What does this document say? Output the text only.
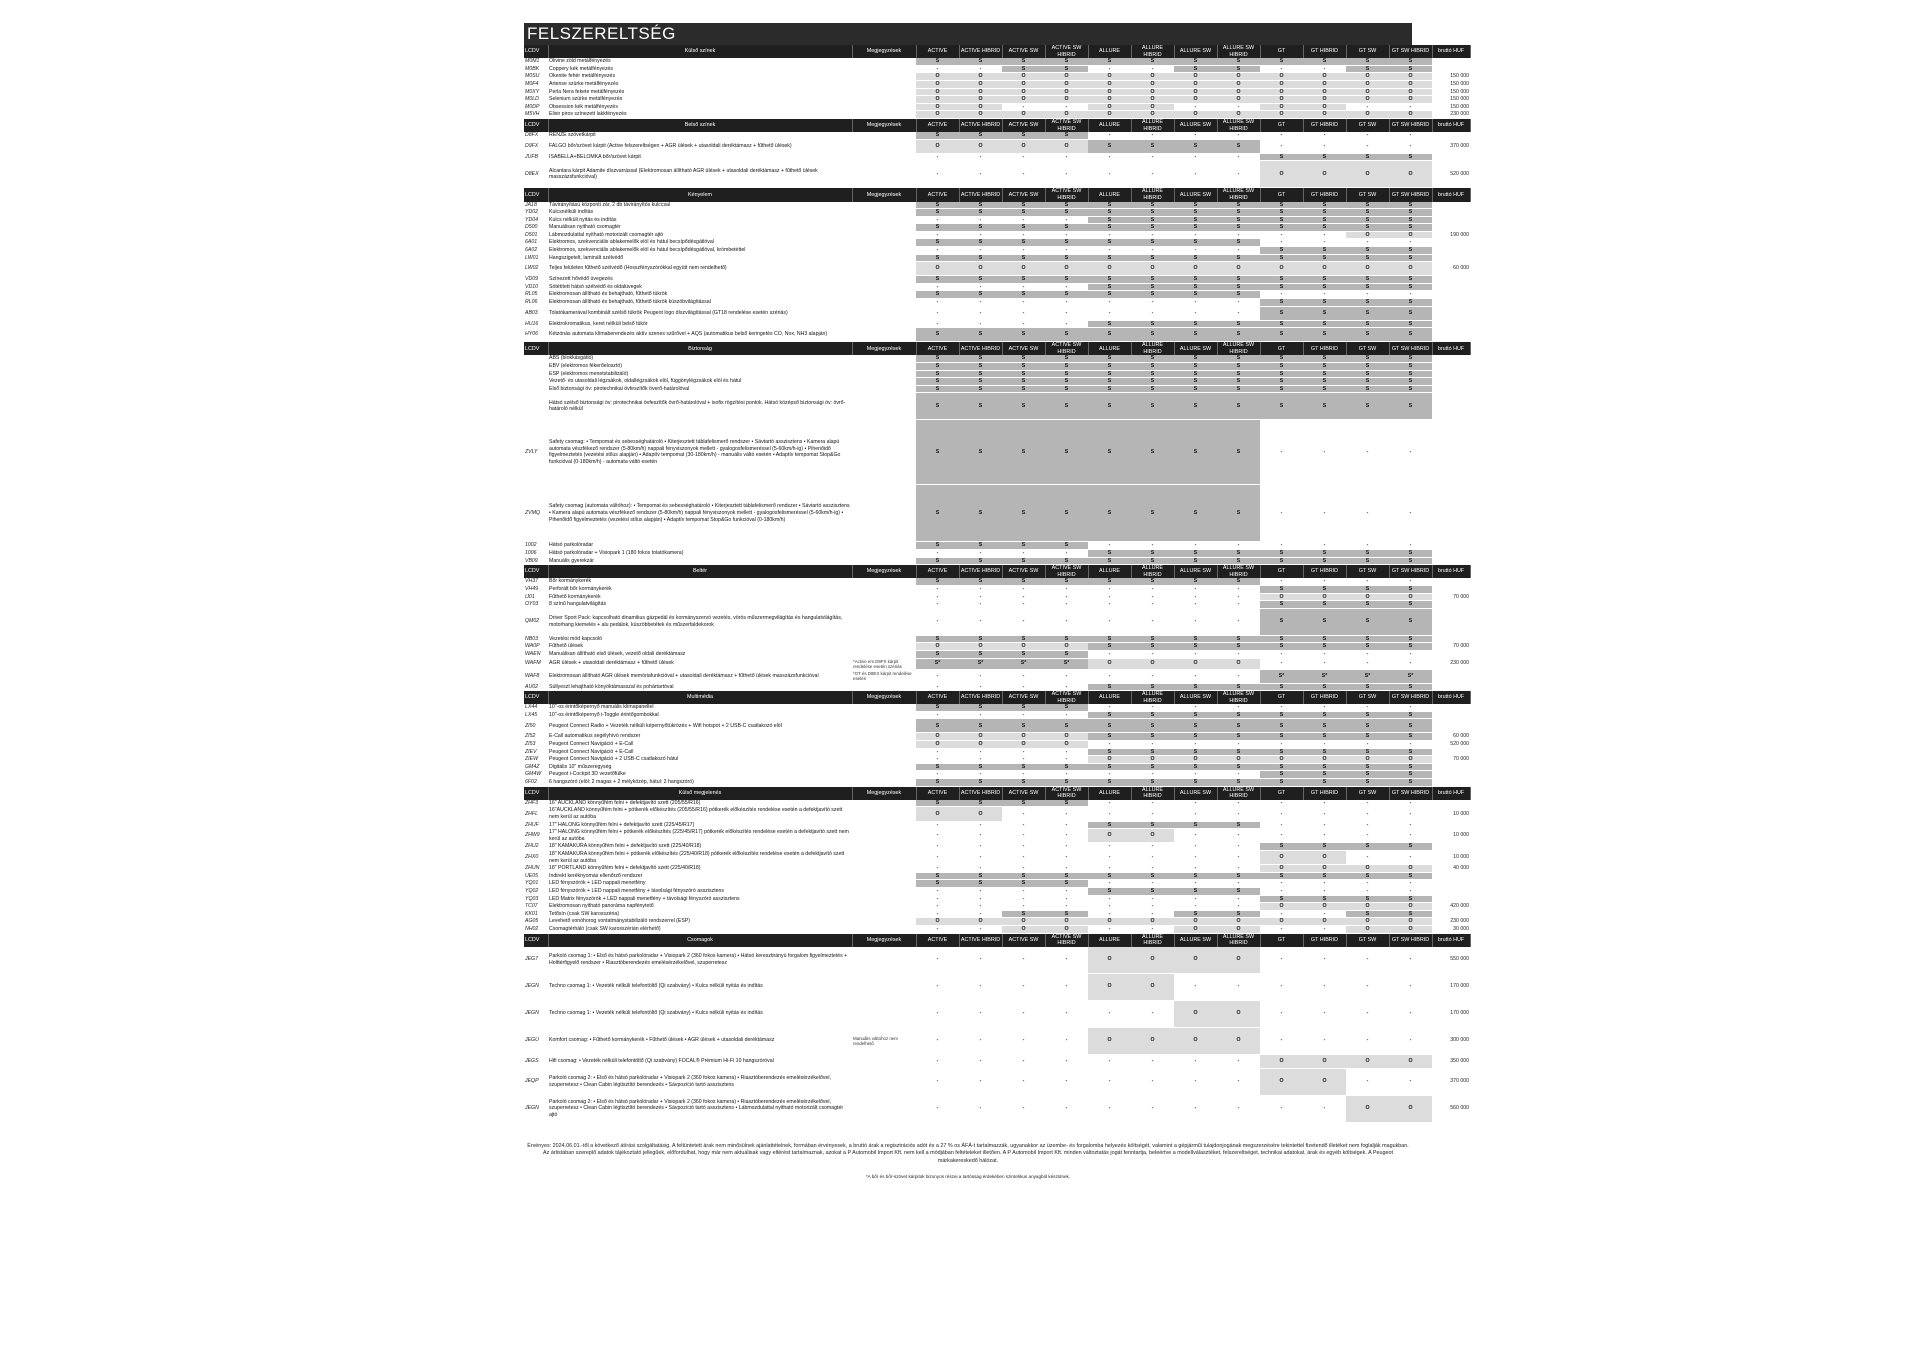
FELSZERELTSÉG
LCDV	Külső színek	Megjegyzések	ACTIVE	ACTIVE HIBRID	ACTIVE SW	ACTIVE SW HIBRID	ALLURE	ALLURE HIBRID	ALLURE SW	ALLURE SW HIBRID	GT	GT HIBRID	GT SW	GT SW HIBRID	bruttó HUF
M0M1	Olivine zöld metálfényezés		S	S	S	S	S	S	S	S	S	S	S	S	
M0BK	Coppery kék metálfényezés		-	-	S	S	-	-	S	S	-	-	S	S	
M0SU	Okenite fehér metálfényezés		O	O	O	O	O	O	O	O	O	O	O	O	150 000
M0F4	Artense szürke metálfényezés		O	O	O	O	O	O	O	O	O	O	O	O	150 000
M0XY	Perla Nera fekete metálfényezés		O	O	O	O	O	O	O	O	O	O	O	O	150 000
M0LD	Selenium szürke metálfényezés		O	O	O	O	O	O	O	O	O	O	O	O	150 000
M0DP	Obsession kék metálfényezés		O	O	-	-	O	O	-	-	O	O	-	-	150 000
M5VH	Elixir piros színezett lakkfényezés		O	O	O	O	O	O	O	O	O	O	O	O	230 000
LCDV	Belső színek	Megjegyzések	ACTIVE	ACTIVE HIBRID	ACTIVE SW	ACTIVE SW HIBRID	ALLURE	ALLURE HIBRID	ALLURE SW	ALLURE SW HIBRID	GT	GT HIBRID	GT SW	GT SW HIBRID	bruttó HUF
D8FX	RENZE szövetkárpit		S	S	S	S	-	-	-	-	-	-	-	-	
D9FX	FALGO bőr/szövet kárpit (Active felszereltségen + AGR ülések + utasoldali deréktámasz + fűthető ülések)		O	O	O	O	S	S	S	S	-	-	-	-	370 000
JUFB	ISABELLA+BELOMKA bőr/szövet kárpit		-	-	-	-	-	-	-	-	S	S	S	S	
D8EX	Alcantara kárpit Adamite díszvarrással (Elektromosan állítható AGR ülések + utasoldali deréktámasz + fűthető ülések masszázsfunkcióval)		-	-	-	-	-	-	-	-	O	O	O	O	520 000
LCDV	Kényelem	Megjegyzések	ACTIVE	ACTIVE HIBRID	ACTIVE SW	ACTIVE SW HIBRID	ALLURE	ALLURE HIBRID	ALLURE SW	ALLURE SW HIBRID	GT	GT HIBRID	GT SW	GT SW HIBRID	bruttó HUF
JA18	Távirányítású központi zár, 2 db távirányítós kulccsal		S	S	S	S	S	S	S	S	S	S	S	S	
YD02	Kulcsnélküli indítás		S	S	S	S	S	S	S	S	S	S	S	S	
YD04	Kulcs nélküli nyitás és indítás		-	-	-	-	S	S	S	S	S	S	S	S	
D500	Manuálisan nyitható csomagtér		S	S	S	S	S	S	S	S	S	S	S	S	
D501	Lábmozdulattal nyitható motorizált csomagtér ajtó		-	-	-	-	-	-	-	-	-	-	O	O	190 000
6A01	Elektromos, szekvenciális ablakemelők elöl és hátul becsípődésgátlóval		S	S	S	S	S	S	S	S	-	-	-	-	
6A02	Elektromos, szekvenciális ablakemelők elöl és hátul becsípődésgátlóval, krómbetéttel		-	-	-	-	-	-	-	-	S	S	S	S	
LW01	Hangszigetelt, laminált szélvédő		S	S	S	S	S	S	S	S	S	S	S	S	
LW02	Teljes felületen fűthető szélvédő (Hosszfényszórókkal együtt nem rendelhető)		O	O	O	O	O	O	O	O	O	O	O	O	60 000
VD09	Színezett hővédő üvegezés		S	S	S	S	S	S	S	S	S	S	S	S	
VD10	Sötétített hátsó szélvédő és oldalüvegek		-	-	-	-	S	S	S	S	S	S	S	S	
RL05	Elektromosan állítható és behajtható, fűthető tükrök		S	S	S	S	S	S	S	S	-	-	-	-	
RL06	Elektromosan állítható és behajtható, fűthető tükrök küszöbvilágítással		-	-	-	-	-	-	-	-	S	S	S	S	
AB03	Tolatókamerával kombinált szélső tükrök Peugeot logo díszvilágítással (GT18 rendelése esetén szériás)		-	-	-	-	-	-	-	-	S	S	S	S	
HU16	Elektrokromatikus, keret nélküli belső tükör		-	-	-	-	S	S	S	S	S	S	S	S	
HY06	Kétzónás automata klímaberendezés aktív szenes szűrővel + AQS (automatikus belső keringetés CO, Nox, NH3 alapján)		S	S	S	S	S	S	S	S	S	S	S	S	
LCDV	Biztonság	Megjegyzések	ACTIVE	ACTIVE HIBRID	ACTIVE SW	ACTIVE SW HIBRID	ALLURE	ALLURE HIBRID	ALLURE SW	ALLURE SW HIBRID	GT	GT HIBRID	GT SW	GT SW HIBRID	bruttó HUF
	ABS (blokkásgátló)		S	S	S	S	S	S	S	S	S	S	S	S	
	EBV (elektromos fékerőelosztó)		S	S	S	S	S	S	S	S	S	S	S	S	
	ESP (elektromos menetstabilizáló)		S	S	S	S	S	S	S	S	S	S	S	S	
	Vezető- és utasoldali légzsákok, oldallégzsákok elöl, függönylégzsákok elöl és hátul		S	S	S	S	S	S	S	S	S	S	S	S	
	Első biztonsági öv: pirotechnikai övfeszítők överő-határolóval		S	S	S	S	S	S	S	S	S	S	S	S	
	Hátsó szélső biztonsági öv: pirotechnikai övfeszítők övrő-határolóval + isofix rögzítési pontok. Hátsó középső biztonsági öv: övrő-határoló nélkül		S	S	S	S	S	S	S	S	S	S	S	S	
ZVLY	Safety csomag: • Tempomat és sebességhatároló • Kiterjesztett táblafelismerő rendszer • Sávtartó asszisztens • Kamera alapú automata vészfékező rendszer (5-80km/h) nappali fényviszonyok mellett - gyalogosfelismeréssel (5-60km/h-ig) • Pihenőidő figyelmeztetés (vezetési stílus alapján) • Adaptív tempomat (30-180km/h) - manuális váltó esetén • Adaptív tempomat Stop&Go funkcióval (0-180km/h) - automata váltó esetén		S	S	S	S	S	S	S	S	-	-	-	-	
ZVMQ	Safety csomag (automata váltóhoz): • Tempomat és sebességhatároló • Kiterjesztett táblafelismerő rendszer • Sávtartó asszisztens • Kamera alapú automata vészfékező rendszer (5-80km/h) nappali fényviszonyok mellett - gyalogosfelismeréssel (5-60km/h-ig) • Pihenőidő figyelmeztetés (vezetési stílus alapján) • Adaptív tempomat Stop&Go funkcióval (0-180km/h)		S	S	S	S	S	S	S	S	-	-	-	-	
1002	Hátsó parkolóradar		S	S	S	S	-	-	-	-	-	-	-	-	
1006	Hátsó parkolóradar + Visiopark 1 (180 fokos tolatókamera)		-	-	-	-	S	S	S	S	S	S	S	S	
VB09	Manuális gyerekzár		S	S	S	S	S	S	S	S	S	S	S	S	
LCDV	Beltér	Megjegyzések	ACTIVE	ACTIVE HIBRID	ACTIVE SW	ACTIVE SW HIBRID	ALLURE	ALLURE HIBRID	ALLURE SW	ALLURE SW HIBRID	GT	GT HIBRID	GT SW	GT SW HIBRID	bruttó HUF
VH37	Bőr kormánykerék		S	S	S	S	S	S	S	S	-	-	-	-	
VH49	Perforált bőr kormánykerék		-	-	-	-	-	-	-	-	S	S	S	S	
IJ01	Fűthető kormánykerék		-	-	-	-	-	-	-	-	O	O	O	O	70 000
OY03	8 színű hangulatvilágítás		-	-	-	-	-	-	-	-	S	S	S	S	
QM02	Driver Sport Pack: kapcsolható dinamikus gázpedál és kormányszervó vezetés, vörös műszermegvilágítás és hangulatvilágítás, motorhang kiemelés + alu pedálok, küszöbbetétek és műszerfaldekorok		-	-	-	-	-	-	-	-	S	S	S	S	
NB03	Vezetési mód kapcsoló		S	S	S	S	S	S	S	S	S	S	S	S	
WA0P	Fűthető ülések		O	O	O	O	S	S	S	S	S	S	S	S	70 000
WAEN	Manuálisan állítható első ülések, vezető oldali deréktámasz		S	S	S	S	-	-	-	-	-	-	-	-	
WAFM	AGR ülések + utasoldali deréktámasz + fűthető ülések	*Active em D9FX kárpit rendelése esetén szériás	S*	S*	S*	S*	O	O	O	O	-	-	-	-	230 000
WAF8	Elektromosan állítható AGR ülések memóriafunkcióval + utasoldali deréktámasz + fűthető ülések masszázsfunkcióval	*GT és D8EX kárpit rendelése esetén	-	-	-	-	-	-	-	-	S*	S*	S*	S*	
AU02	Süllyeszt lehajtható könyöktámasszal és pohártartóval		-	-	-	-	S	S	S	S	S	S	S	S	
LCDV	Multimédia	Megjegyzések	ACTIVE	ACTIVE HIBRID	ACTIVE SW	ACTIVE SW HIBRID	ALLURE	ALLURE HIBRID	ALLURE SW	ALLURE SW HIBRID	GT	GT HIBRID	GT SW	GT SW HIBRID	bruttó HUF
LX44	10"-os érintőképernyő manuális klímapanellel		S	S	S	S	-	-	-	-	-	-	-	-	
LX45	10"-os érintőképernyő i-Toggle érintőgombokkal		-	-	-	-	S	S	S	S	S	S	S	S	
ZI50	Peugeot Connect Radio + Vezeték nélküli képernyőtükrözés + Wifi hotspot + 2 USB-C csatlakozó elöl		S	S	S	S	S	S	S	S	S	S	S	S	
ZI52	E-Call automatikus segélyhívó rendszer		O	O	O	O	S	S	S	S	S	S	S	S	60 000
ZI53	Peugeot Connect Navigáció + E-Call		O	O	O	O	-	-	-	-	-	-	-	-	520 000
ZIEV	Peugeot Connect Navigáció + E-Call		-	-	-	-	S	S	S	S	S	S	S	S	
ZIEW	Peugeot Connect Navigáció + 2 USB-C csatlakozó hátul		-	-	-	-	O	O	O	O	O	O	O	O	70 000
GM4Z	Digitális 10" műszeregység		S	S	S	S	S	S	S	S	S	S	S	S	
GM4W	Peugeot i-Cockpit 3D vezetőfülke		-	-	-	-	-	-	-	-	S	S	S	S	
6F02	6 hangszóró (elöl: 2 magas + 2 mélyközép, hátul: 2 hangszóró)		S	S	S	S	S	S	S	S	S	S	S	S	
LCDV	Külső megjelenés	Megjegyzések	ACTIVE	ACTIVE HIBRID	ACTIVE SW	ACTIVE SW HIBRID	ALLURE	ALLURE HIBRID	ALLURE SW	ALLURE SW HIBRID	GT	GT HIBRID	GT SW	GT SW HIBRID	bruttó HUF
ZHF3	16" AUCKLAND könnyűfém felni + defektjavító szett (205/55/R16)		S	S	S	S	-	-	-	-	-	-	-	-	
ZHFL	16"AUCKLAND könnyűfém felni + pótkerék előkészítés (205/55/R16) pótkerék előkészítés rendelése esetén a defektjavító szett nem kerül az autóba		O	O	-	-	-	-	-	-	-	-	-	-	10 000
ZHUF	17" HALONG könnyűfém felni + defektjavító szett (225/45/R17)		-	-	-	-	S	S	S	S	-	-	-	-	
ZHW9	17" HALONG könnyűfém felni + pótkerék előkészítés (225/45/R17) pótkerék előkészítés rendelése esetén a defektjavító szett nem kerül az autóba		-	-	-	-	O	O	-	-	-	-	-	-	10 000
ZHU2	18" KAMAKURA könnyűfém felni + defektjavító szett (225/40/R18)		-	-	-	-	-	-	-	-	S	S	S	S	
ZHX0	18" KAMAKURA könnyűfém felni + pótkerék előkészítés (225/40/R18) pótkerék előkészítés rendelése esetén a defektjavító szett nem kerül az autóba		-	-	-	-	-	-	-	-	O	O	-	-	10 000
ZHUN	18" PORTLAND könnyűfém felni + defektjavító szett (225/40/R18)		-	-	-	-	-	-	-	-	O	O	O	O	40 000
UE05	Indirekt keréknyomás ellenőrző rendszer		S	S	S	S	S	S	S	S	S	S	S	S	
YQ01	LED fényszórók + LED nappali menetfény		S	S	S	S	-	-	-	-	-	-	-	-	
YQ02	LED fényszórók + LED nappali menetfény + távolsági fényszóró asszisztens		-	-	-	-	S	S	S	S	-	-	-	-	
YQ03	LED Matrix fényszórók + LED nappali menetfény + távolsági fényszóró asszisztens		-	-	-	-	-	-	-	-	S	S	S	S	
TC07	Elektromosan nyitható panoráma napfénytető		-	-	-	-	-	-	-	-	O	O	O	O	420 000
KK01	Tetősín (csak SW karosszéria)		-	-	S	S	-	-	S	S	-	-	S	S	
AG05	Levehető vonóhorog vontatmánystabilizáló rendszerrel (ESP)		O	O	O	O	O	O	O	O	O	O	O	O	230 000
NH02	Csomagtérháló (csak SW karosszérián elérhető)		-	-	O	O	-	-	O	O	-	-	O	O	30 000
LCDV	Csomagok	Megjegyzések	ACTIVE	ACTIVE HIBRID	ACTIVE SW	ACTIVE SW HIBRID	ALLURE	ALLURE HIBRID	ALLURE SW	ALLURE SW HIBRID	GT	GT HIBRID	GT SW	GT SW HIBRID	bruttó HUF
JEG7	Parkoló csomag 1: • Első és hátsó parkolóradar + Visiopark 2 (360 fokos kamera) • Hátsó keresztirányú forgalom figyelmeztetés + Holttérfigyelő rendszer • Riasztóberendezés emelésérzékelővel, szuperretesz		-	-	-	-	O	O	O	O	-	-	-	-	550 000
JEGN	Techno csomag 1: • Vezeték nélküli telefontöltő (Qi szabvány) • Kulcs nélküli nyitás és indítás		-	-	-	-	O	O	-	-	-	-	-	-	170 000
JEGN	Techno csomag 1: • Vezeték nélküli telefontöltő (Qi szabvány) • Kulcs nélküli nyitás és indítás		-	-	-	-	-	-	O	O	-	-	-	-	170 000
JEGU	Komfort csomag: • Fűthető kormánykerék • Fűthető ülések • AGR ülések + utasoldali deréktámasz	Manuális váltóhoz nem rendelhető	-	-	-	-	O	O	O	O	-	-	-	-	300 000
JEGS	Hifi csomag: • Vezeték nélküli telefontöltő (Qi szabvány) FOCAL® Prémium Hi-Fi 10 hangszóróval		-	-	-	-	-	-	-	-	O	O	O	O	350 000
JEQP	Parkoló csomag 2: • Első és hátsó parkolóradar + Visiopark 2 (360 fokos kamera) • Riasztóberendezés emelésérzékelővel, szuperretesz • Clean Cabin légtisztító berendezés • Sávpozíció tartó asszisztens		-	-	-	-	-	-	-	-	O	O	-	-	370 000
JEGN	Parkoló csomag 2: • Első és hátsó parkolóradar + Visiopark 2 (360 fokos kamera) • Riasztóberendezés emelésérzékelővel, szuperretesz • Clean Cabin légtisztító berendezés • Sávpozíció tartó asszisztens • Lábmozdulattal nyitható motorizált csomagtér ajtó		-	-	-	-	-	-	-	-	-	-	O	O	560 000
Érvényes: 2024.06.01.-től a következő átírási szolgáltatásig. A feltüntetett árak nem minősülnek ajánlattételnek, formában érvényesek, a bruttó árak a regisztrációs adót és a 27 % os ÁFÁ-t tartalmazzák, ugyanakkor az üzembe- és forgalomba helyezés költségét, valamint a gépjárműi tulajdonjogának megszerzésére tekintettel fizetendő illetéket nem foglalják magukban. Az árlistában szereplő adatok tájékoztató jellegűek, előfordulhat, hogy már nem aktuálisak vagy eltérést tartalmaznak, azokat a P Automobil Import Kft. nem kell a módjában feltételeket illetően. A P Automobil Import Kft. minden változtatás jogát fenntartja, beleértve a modellválasztéket, felszereltséget, technikai adatokat, árak és egyéb költségek. A Peugeot márkakereskedő hálózat.
*A bőr és bőr-szövet kárpitok bizonyos részei a tartósság érdekében szintetikus anyagból készülnek.
